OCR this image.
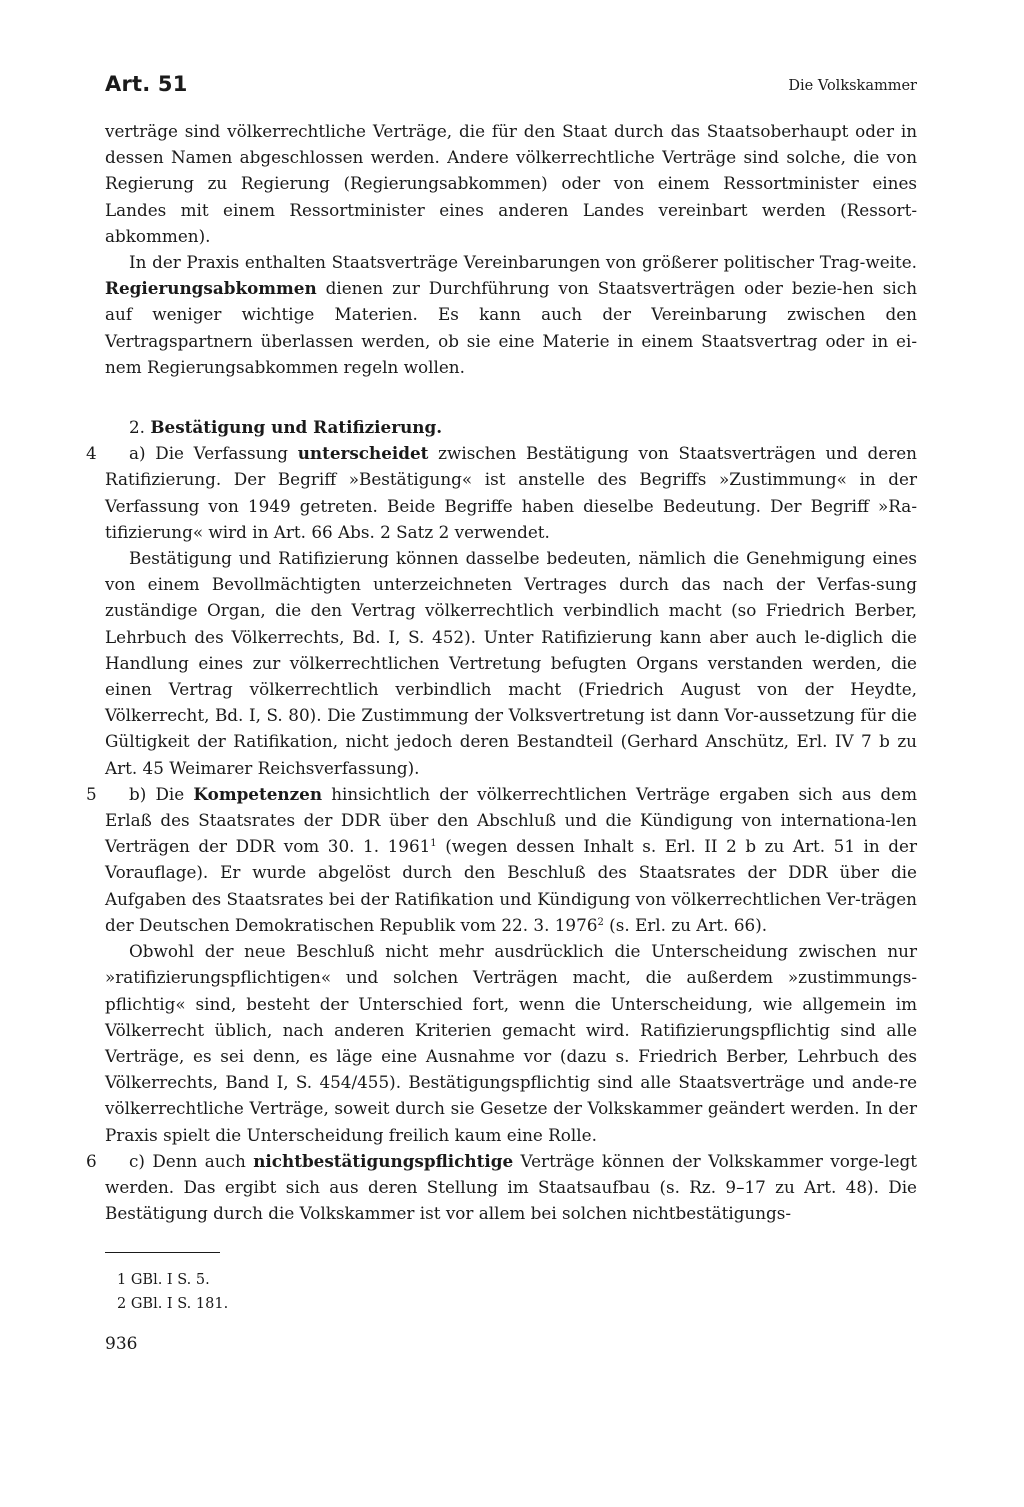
Art. 51	Die Volkskammer

verträge sind völkerrechtliche Verträge, die für den Staat durch das Staatsoberhaupt oder in dessen Namen abgeschlossen werden. Andere völkerrechtliche Verträge sind solche, die von Regierung zu Regierung (Regierungsabkommen) oder von einem Ressortminister eines Landes mit einem Ressortminister eines anderen Landes vereinbart werden (Ressort-abkommen).

In der Praxis enthalten Staatsverträge Vereinbarungen von größerer politischer Trag-weite. Regierungsabkommen dienen zur Durchführung von Staatsverträgen oder bezie-hen sich auf weniger wichtige Materien. Es kann auch der Vereinbarung zwischen den Vertragspartnern überlassen werden, ob sie eine Materie in einem Staatsvertrag oder in ei-nem Regierungsabkommen regeln wollen.

2. Bestätigung und Ratifizierung.

4 a) Die Verfassung unterscheidet zwischen Bestätigung von Staatsverträgen und deren Ratifizierung. Der Begriff »Bestätigung« ist anstelle des Begriffs »Zustimmung« in der Verfassung von 1949 getreten. Beide Begriffe haben dieselbe Bedeutung. Der Begriff »Ra-tifizierung« wird in Art. 66 Abs. 2 Satz 2 verwendet.

Bestätigung und Ratifizierung können dasselbe bedeuten, nämlich die Genehmigung eines von einem Bevollmächtigten unterzeichneten Vertrages durch das nach der Verfas-sung zuständige Organ, die den Vertrag völkerrechtlich verbindlich macht (so Friedrich Berber, Lehrbuch des Völkerrechts, Bd. I, S. 452). Unter Ratifizierung kann aber auch le-diglich die Handlung eines zur völkerrechtlichen Vertretung befugten Organs verstanden werden, die einen Vertrag völkerrechtlich verbindlich macht (Friedrich August von der Heydte, Völkerrecht, Bd. I, S. 80). Die Zustimmung der Volksvertretung ist dann Vor-aussetzung für die Gültigkeit der Ratifikation, nicht jedoch deren Bestandteil (Gerhard Anschütz, Erl. IV 7 b zu Art. 45 Weimarer Reichsverfassung).

5 b) Die Kompetenzen hinsichtlich der völkerrechtlichen Verträge ergaben sich aus dem Erlaß des Staatsrates der DDR über den Abschluß und die Kündigung von internationa-len Verträgen der DDR vom 30. 1. 1961$^1$ (wegen dessen Inhalt s. Erl. II 2 b zu Art. 51 in der Vorauflage). Er wurde abgelöst durch den Beschluß des Staatsrates der DDR über die Aufgaben des Staatsrates bei der Ratifikation und Kündigung von völkerrechtlichen Ver-trägen der Deutschen Demokratischen Republik vom 22. 3. 1976$^2$ (s. Erl. zu Art. 66).

Obwohl der neue Beschluß nicht mehr ausdrücklich die Unterscheidung zwischen nur »ratifizierungspflichtigen« und solchen Verträgen macht, die außerdem »zustimmungs-pflichtig« sind, besteht der Unterschied fort, wenn die Unterscheidung, wie allgemein im Völkerrecht üblich, nach anderen Kriterien gemacht wird. Ratifizierungspflichtig sind alle Verträge, es sei denn, es läge eine Ausnahme vor (dazu s. Friedrich Berber, Lehrbuch des Völkerrechts, Band I, S. 454/455). Bestätigungspflichtig sind alle Staatsverträge und ande-re völkerrechtliche Verträge, soweit durch sie Gesetze der Volkskammer geändert werden. In der Praxis spielt die Unterscheidung freilich kaum eine Rolle.

6 c) Denn auch nichtbestätigungspflichtige Verträge können der Volkskammer vorge-legt werden. Das ergibt sich aus deren Stellung im Staatsaufbau (s. Rz. 9–17 zu Art. 48). Die Bestätigung durch die Volkskammer ist vor allem bei solchen nichtbestätigungs-

1 GBl. I S. 5.

2 GBl. I S. 181.

936
